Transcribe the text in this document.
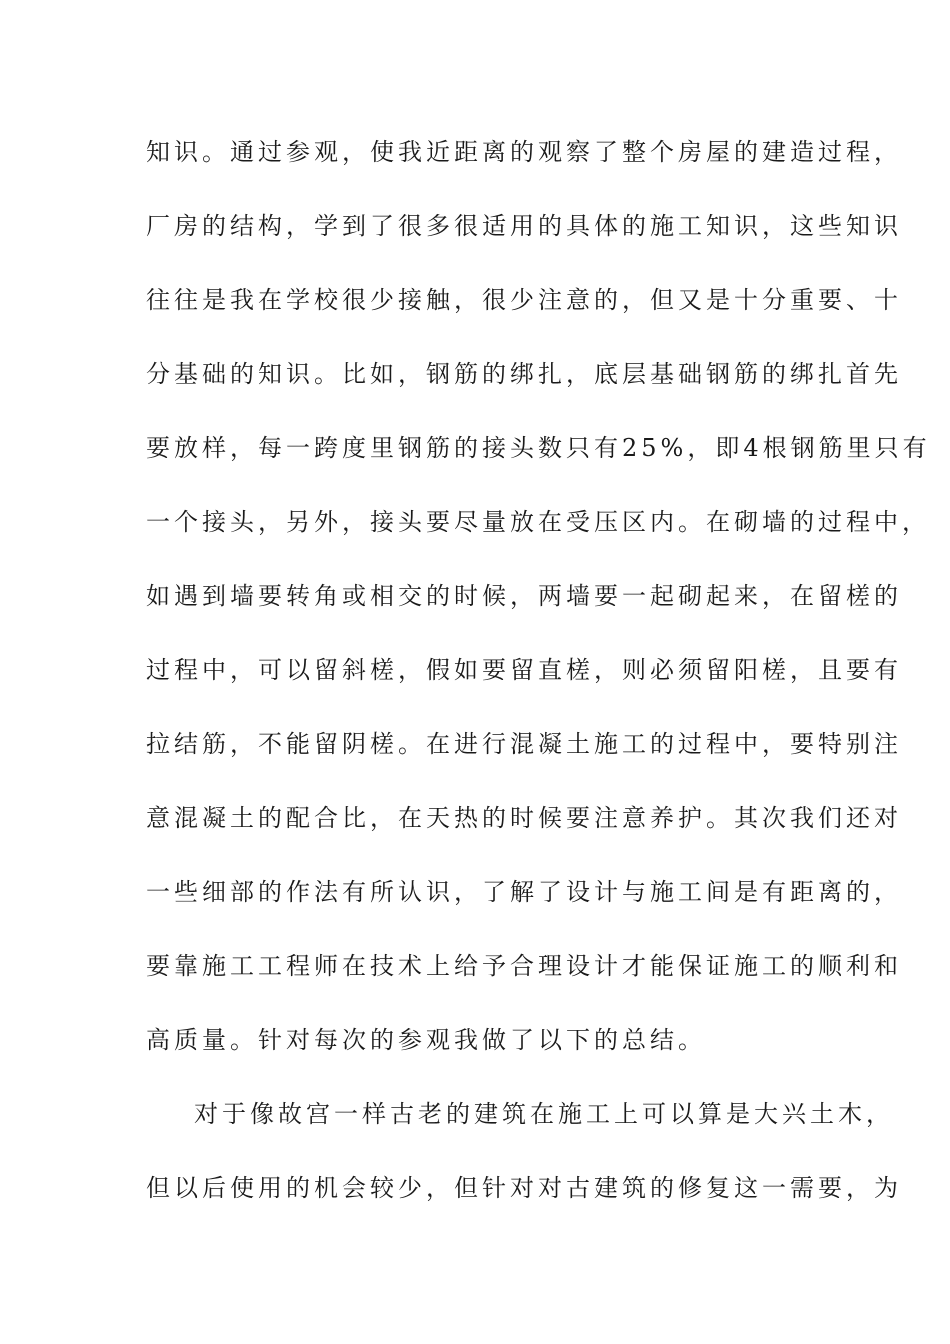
知识。通过参观，使我近距离的观察了整个房屋的建造过程，
厂房的结构，学到了很多很适用的具体的施工知识，这些知识
往往是我在学校很少接触，很少注意的，但又是十分重要、十
分基础的知识。比如，钢筋的绑扎，底层基础钢筋的绑扎首先
要放样，每一跨度里钢筋的接头数只有25%，即4根钢筋里只有
一个接头，另外，接头要尽量放在受压区内。在砌墙的过程中，
如遇到墙要转角或相交的时候，两墙要一起砌起来，在留槎的
过程中，可以留斜槎，假如要留直槎，则必须留阳槎，且要有
拉结筋，不能留阴槎。在进行混凝土施工的过程中，要特别注
意混凝土的配合比，在天热的时候要注意养护。其次我们还对
一些细部的作法有所认识，了解了设计与施工间是有距离的，
要靠施工工程师在技术上给予合理设计才能保证施工的顺利和
高质量。针对每次的参观我做了以下的总结。
对于像故宫一样古老的建筑在施工上可以算是大兴土木，
但以后使用的机会较少，但针对对古建筑的修复这一需要，为
